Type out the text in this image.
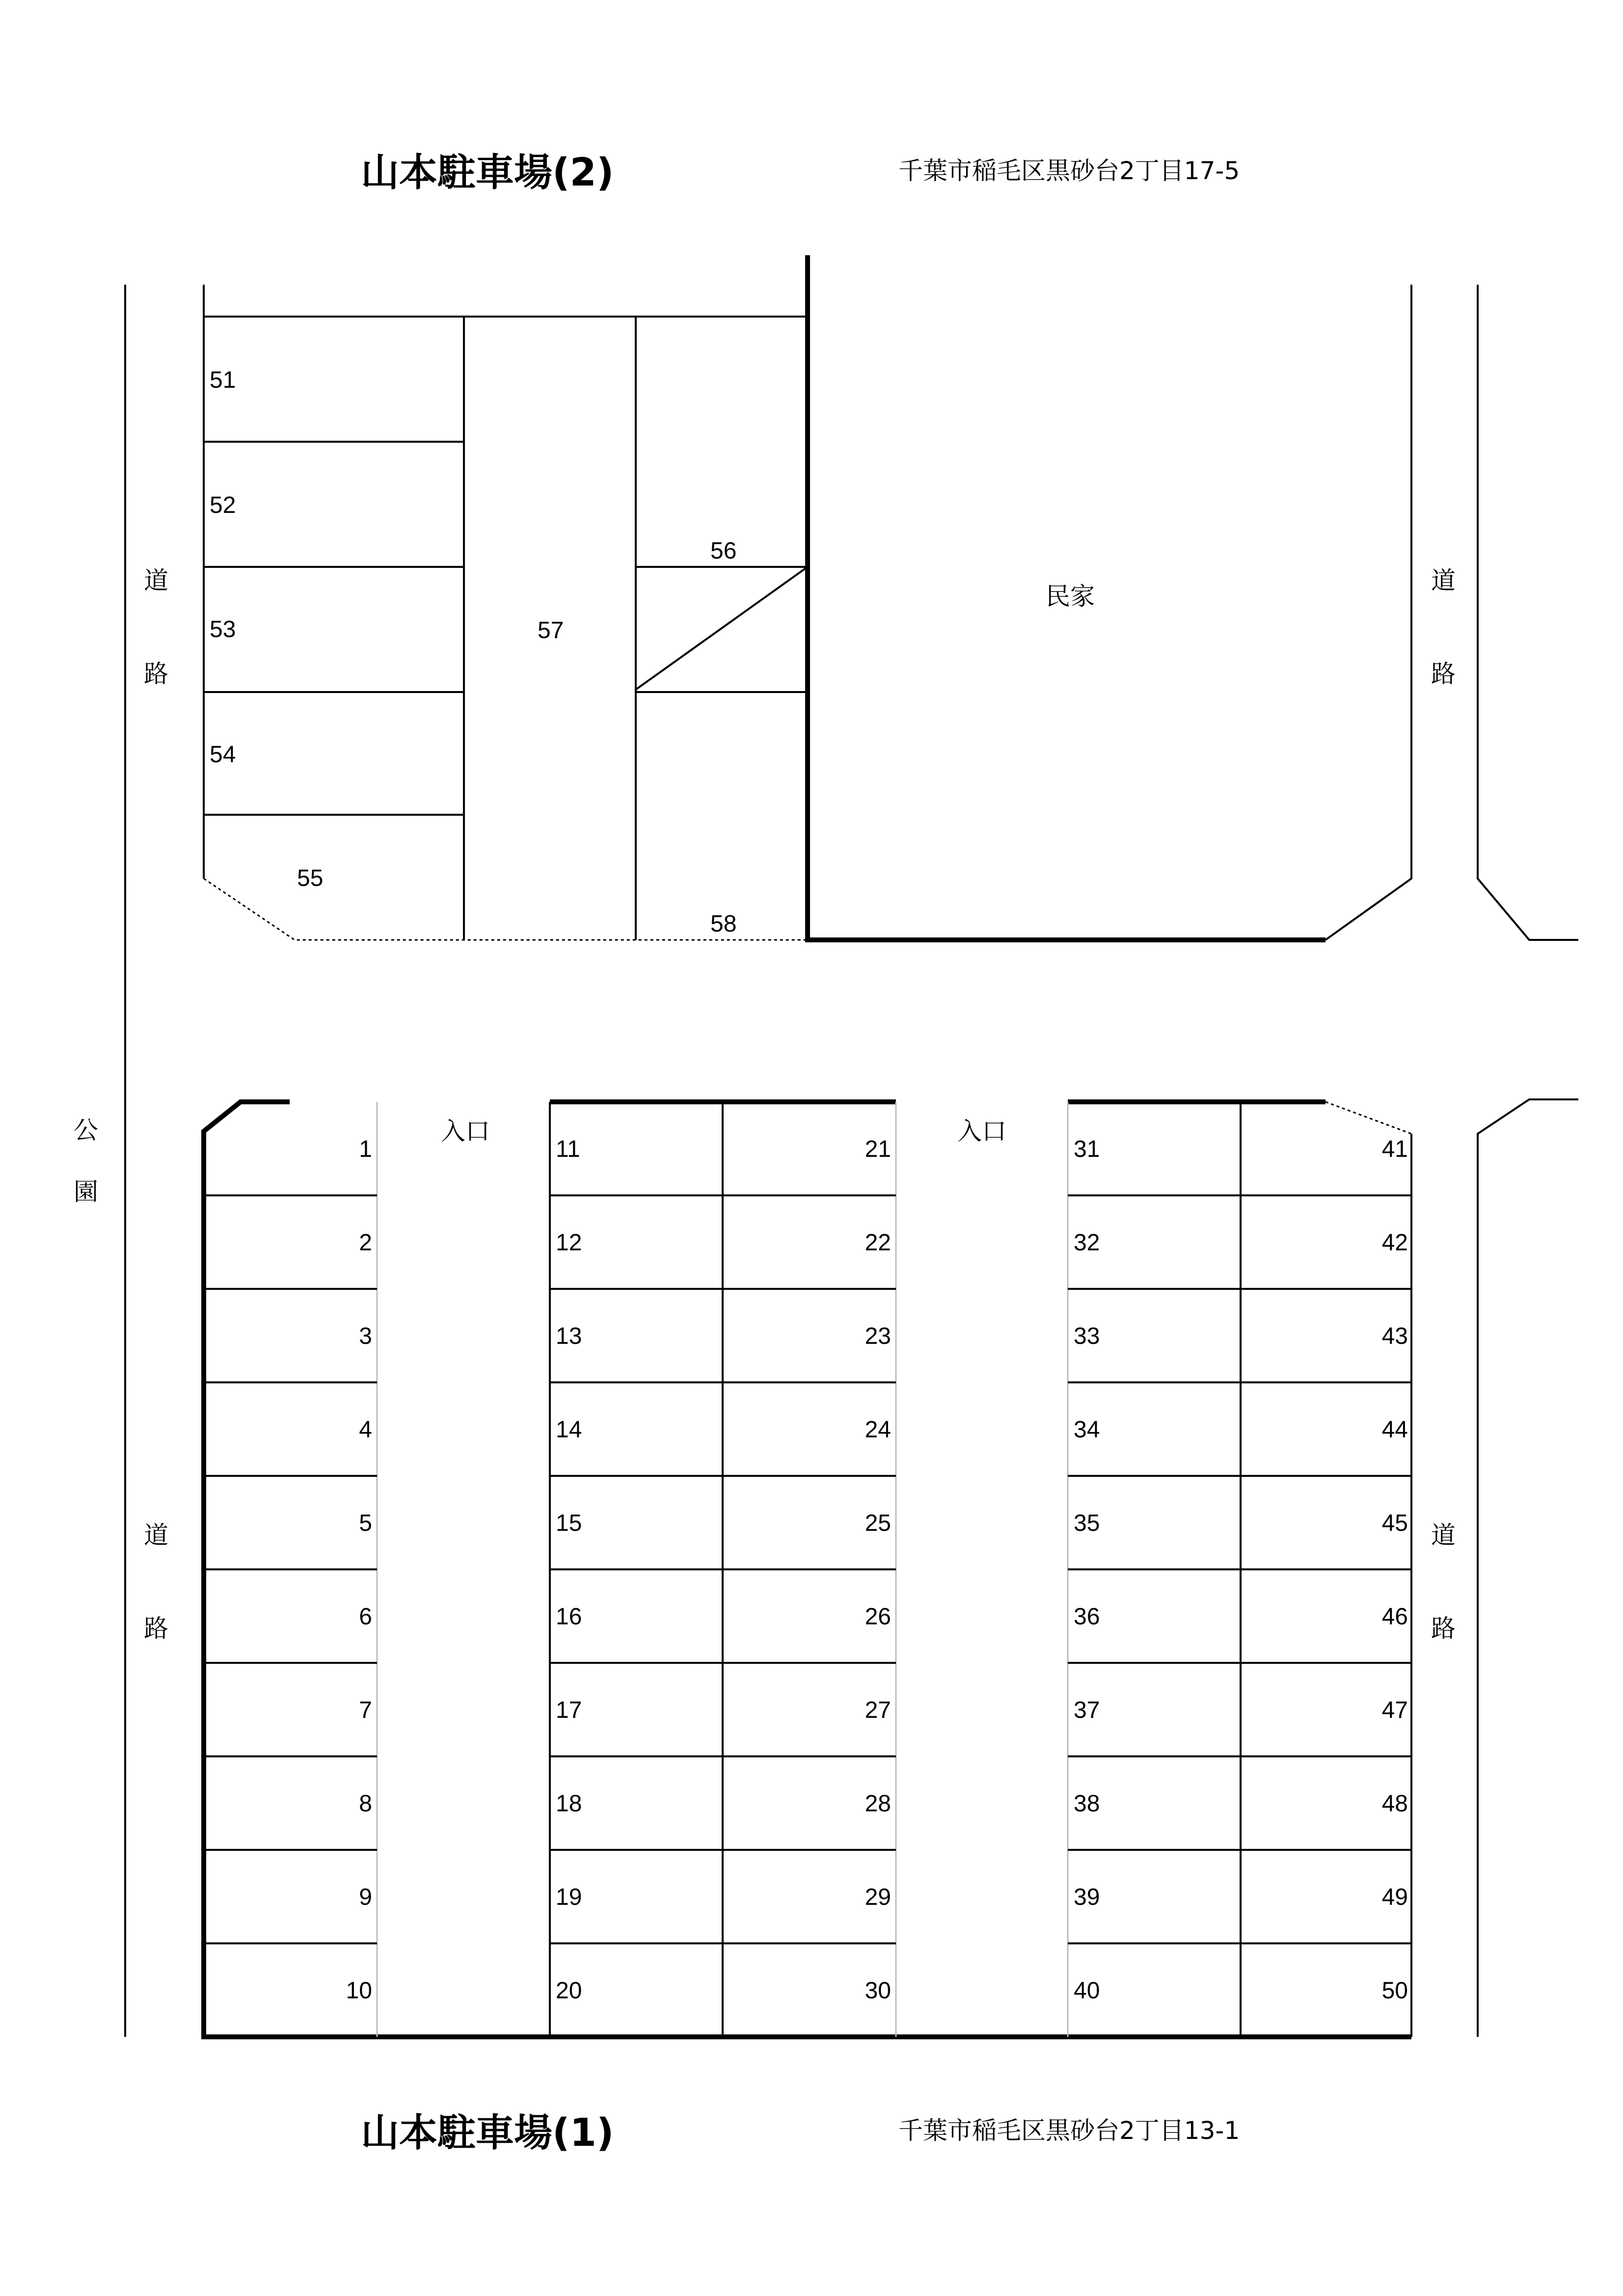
山本駐車場(2)	千葉市稲毛区黒砂台2丁目17-5
山本駐車場(1)	千葉市稲毛区黒砂台2丁目13-1
道
路
道
路
道
路
道
路
公
園
51
52
53
54
55
56
57
58
民家
入口	入口
1
2
3
4
5
6
7
8
9
10
11
12
13
14
15
16
17
18
19
20
21
22
23
24
25
26
27
28
29
30
31
32
33
34
35
36
37
38
39
40
41
42
43
44
45
46
47
48
49
50
